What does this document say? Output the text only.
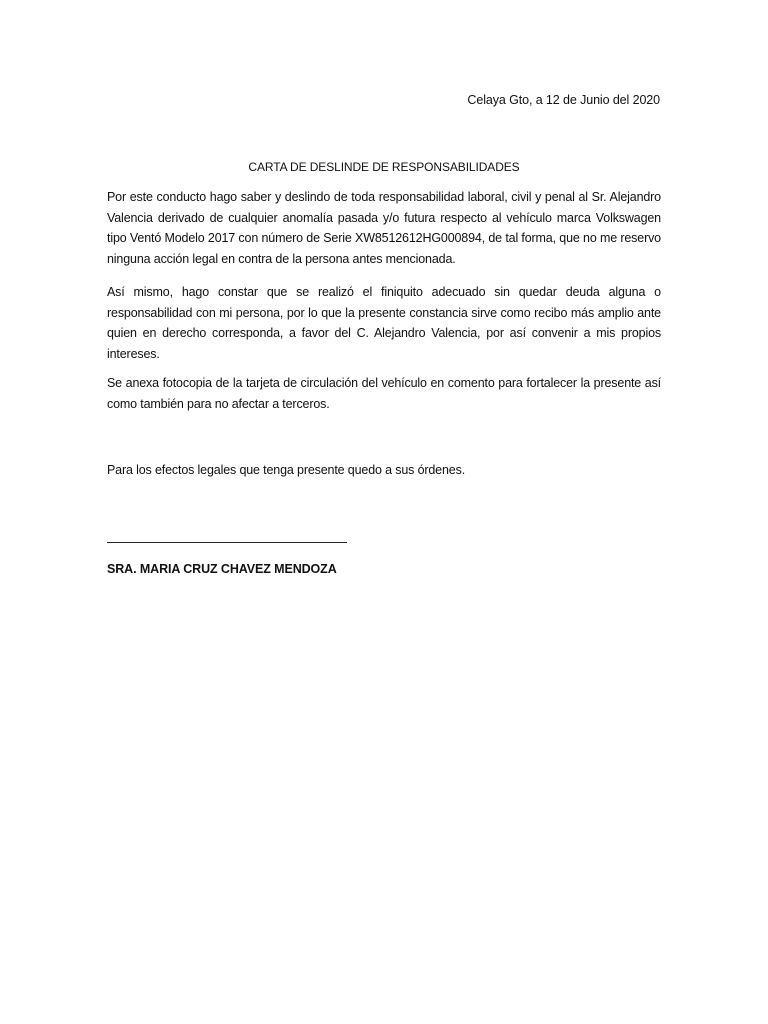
Celaya Gto, a 12 de Junio del 2020
CARTA DE DESLINDE DE RESPONSABILIDADES

Por este conducto hago saber y deslindo de toda responsabilidad laboral, civil y penal al Sr. Alejandro Valencia derivado de cualquier anomalía pasada y/o futura respecto al vehículo marca Volkswagen tipo Ventó Modelo 2017 con número de Serie XW8512612HG000894, de tal forma, que no me reservo ninguna acción legal en contra de la persona antes mencionada.

Así mismo, hago constar que se realizó el finiquito adecuado sin quedar deuda alguna o responsabilidad con mi persona, por lo que la presente constancia sirve como recibo más amplio ante quien en derecho corresponda, a favor del C. Alejandro Valencia, por así convenir a mis propios intereses.

Se anexa fotocopia de la tarjeta de circulación del vehículo en comento para fortalecer la presente así como también para no afectar a terceros.

Para los efectos legales que tenga presente quedo a sus órdenes.

SRA. MARIA CRUZ CHAVEZ MENDOZA
